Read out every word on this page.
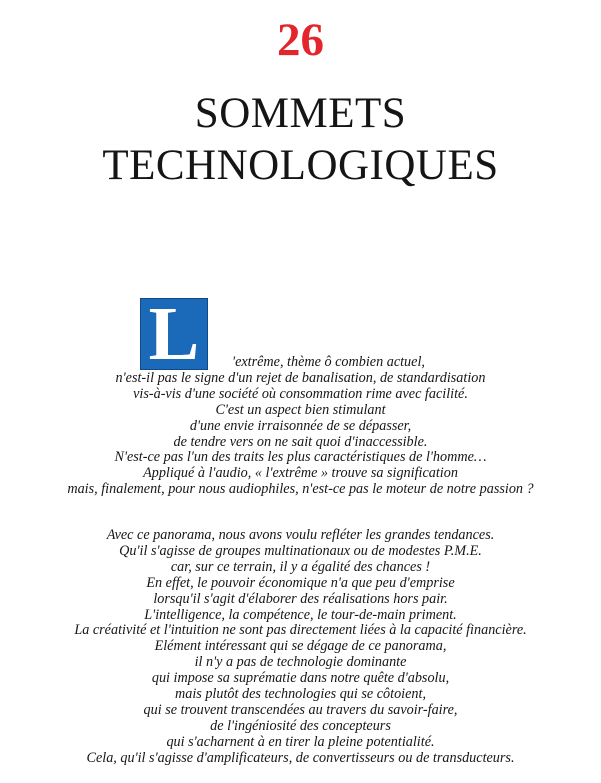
26
SOMMETS
TECHNOLOGIQUES
L	'extrême, thème ô combien actuel,
n'est-il pas le signe d'un rejet de banalisation, de standardisation
vis-à-vis d'une société où consommation rime avec facilité.
C'est un aspect bien stimulant
d'une envie irraisonnée de se dépasser,
de tendre vers on ne sait quoi d'inaccessible.
N'est-ce pas l'un des traits les plus caractéristiques de l'homme…
Appliqué à l'audio, « l'extrême » trouve sa signification
mais, finalement, pour nous audiophiles, n'est-ce pas le moteur de notre passion ?
Avec ce panorama, nous avons voulu refléter les grandes tendances.
Qu'il s'agisse de groupes multinationaux ou de modestes P.M.E.
car, sur ce terrain, il y a égalité des chances !
En effet, le pouvoir économique n'a que peu d'emprise
lorsqu'il s'agit d'élaborer des réalisations hors pair.
L'intelligence, la compétence, le tour-de-main priment.
La créativité et l'intuition ne sont pas directement liées à la capacité financière.
Elément intéressant qui se dégage de ce panorama,
il n'y a pas de technologie dominante
qui impose sa suprématie dans notre quête d'absolu,
mais plutôt des technologies qui se côtoient,
qui se trouvent transcendées au travers du savoir-faire,
de l'ingéniosité des concepteurs
qui s'acharnent à en tirer la pleine potentialité.
Cela, qu'il s'agisse d'amplificateurs, de convertisseurs ou de transducteurs.
